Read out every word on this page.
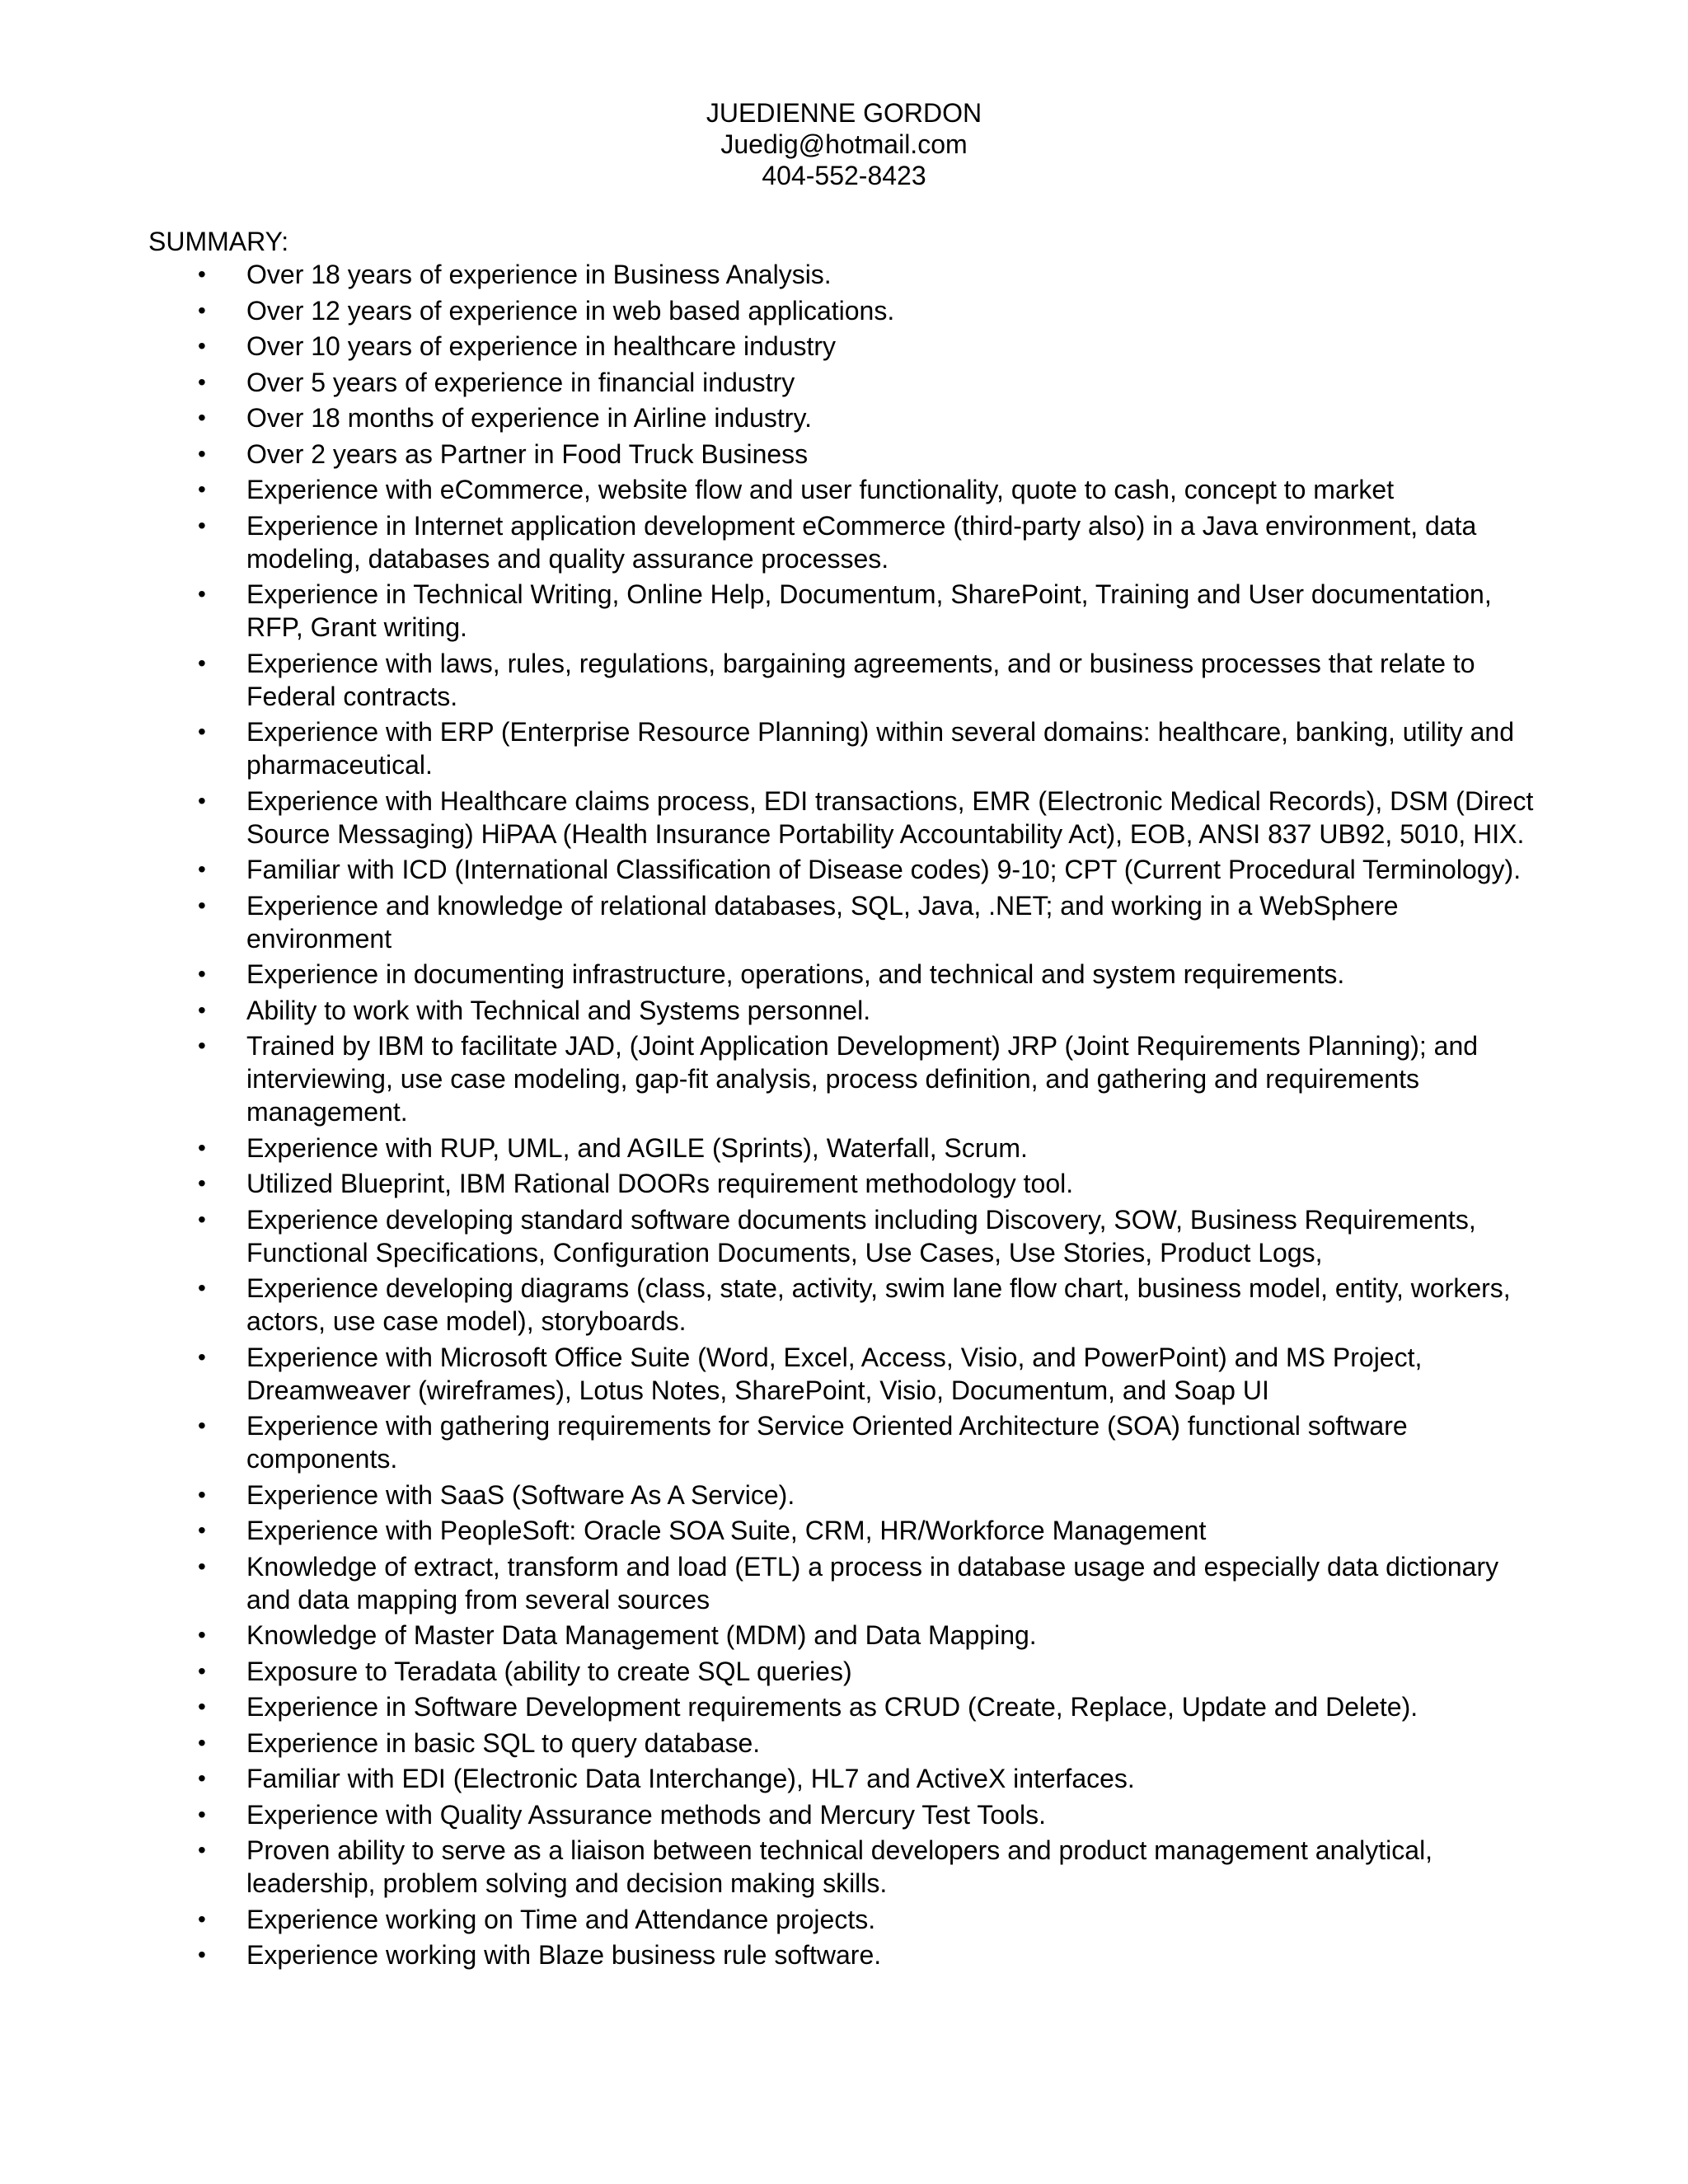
JUEDIENNE GORDON
Juedig@hotmail.com
404-552-8423
SUMMARY:
• Over 18 years of experience in Business Analysis.
• Over 12 years of experience in web based applications.
• Over 10 years of experience in healthcare industry
• Over 5 years of experience in financial industry
• Over 18 months of experience in Airline industry.
• Over 2 years as Partner in Food Truck Business
• Experience with eCommerce, website flow and user functionality, quote to cash, concept to market
• Experience in Internet application development eCommerce (third-party also) in a Java environment, data modeling, databases and quality assurance processes.
• Experience in Technical Writing, Online Help, Documentum, SharePoint, Training and User documentation, RFP, Grant writing.
• Experience with laws, rules, regulations, bargaining agreements, and or business processes that relate to Federal contracts.
• Experience with ERP (Enterprise Resource Planning) within several domains: healthcare, banking, utility and pharmaceutical.
• Experience with Healthcare claims process, EDI transactions, EMR (Electronic Medical Records), DSM (Direct Source Messaging) HiPAA (Health Insurance Portability Accountability Act), EOB, ANSI 837 UB92, 5010, HIX.
• Familiar with ICD (International Classification of Disease codes) 9-10; CPT (Current Procedural Terminology).
• Experience and knowledge of relational databases, SQL, Java, .NET; and working in a WebSphere environment
• Experience in documenting infrastructure, operations, and technical and system requirements.
• Ability to work with Technical and Systems personnel.
• Trained by IBM to facilitate JAD, (Joint Application Development) JRP (Joint Requirements Planning); and interviewing, use case modeling, gap-fit analysis, process definition, and gathering and requirements management.
• Experience with RUP, UML, and AGILE (Sprints), Waterfall, Scrum.
• Utilized Blueprint, IBM Rational DOORs requirement methodology tool.
• Experience developing standard software documents including Discovery, SOW, Business Requirements, Functional Specifications, Configuration Documents, Use Cases, Use Stories, Product Logs,
• Experience developing diagrams (class, state, activity, swim lane flow chart, business model, entity, workers, actors, use case model), storyboards.
• Experience with Microsoft Office Suite (Word, Excel, Access, Visio, and PowerPoint) and MS Project, Dreamweaver (wireframes), Lotus Notes, SharePoint, Visio, Documentum, and Soap UI
• Experience with gathering requirements for Service Oriented Architecture (SOA) functional software components.
• Experience with SaaS (Software As A Service).
• Experience with PeopleSoft: Oracle SOA Suite, CRM, HR/Workforce Management
• Knowledge of extract, transform and load (ETL) a process in database usage and especially data dictionary and data mapping from several sources
• Knowledge of Master Data Management (MDM) and Data Mapping.
• Exposure to Teradata (ability to create SQL queries)
• Experience in Software Development requirements as CRUD (Create, Replace, Update and Delete).
• Experience in basic SQL to query database.
• Familiar with EDI (Electronic Data Interchange), HL7 and ActiveX interfaces.
• Experience with Quality Assurance methods and Mercury Test Tools.
• Proven ability to serve as a liaison between technical developers and product management analytical, leadership, problem solving and decision making skills.
• Experience working on Time and Attendance projects.
• Experience working with Blaze business rule software.
